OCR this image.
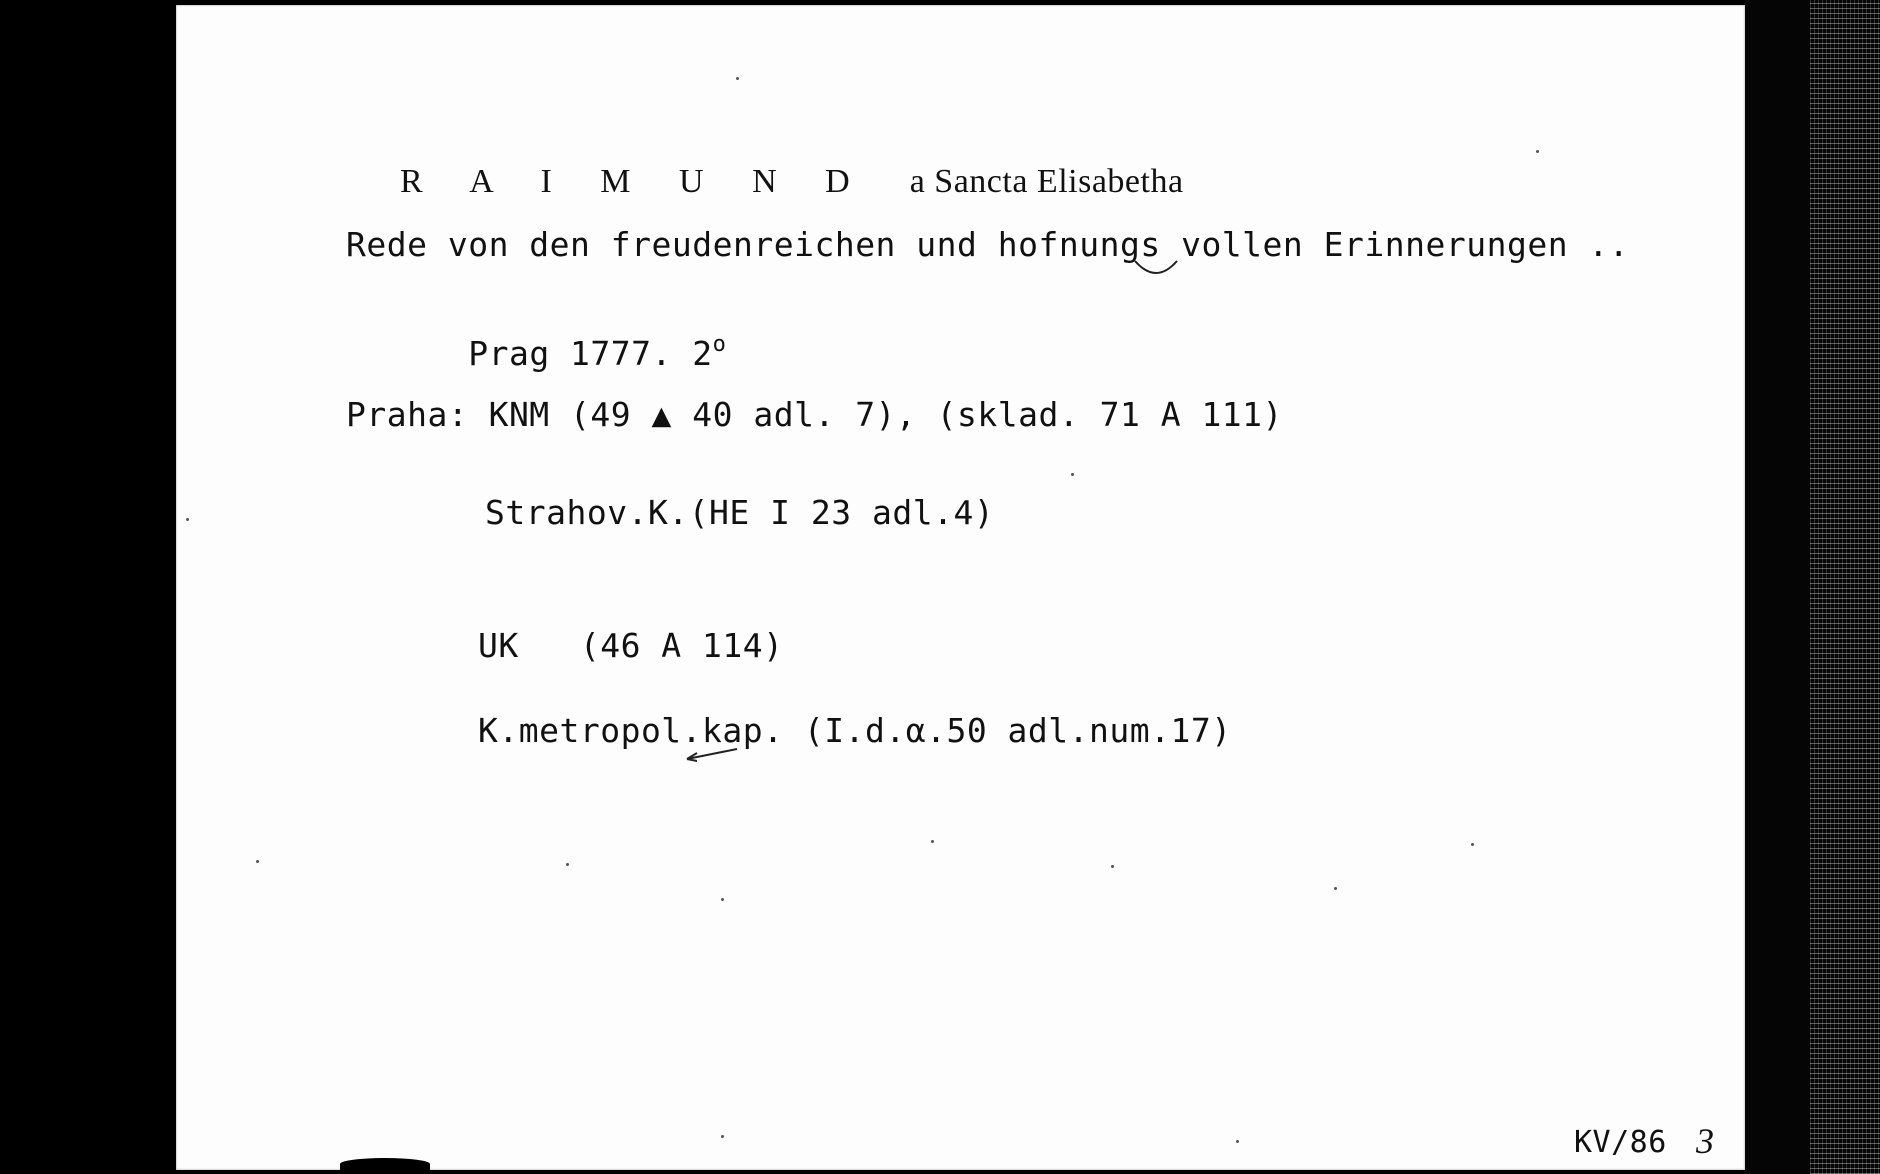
R A I M U N D a Sancta Elisabetha

Rede von den freudenreichen und hofnungs vollen Erinnerungen ..

Prag 1777. 2$^o$

Praha: KNM (49 ▲ 40 adl. 7), (sklad. 71 A 111)
Strahov.K.(HE I 23 adl.4)
UK   (46 A 114)
K.metropol.kap. (I.d.α.50 adl.num.17)
KV/86 3
